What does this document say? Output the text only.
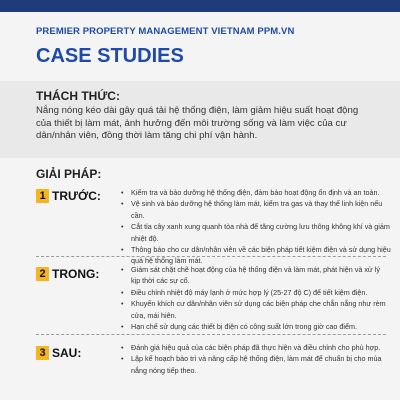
PREMIER PROPERTY MANAGEMENT VIETNAM PPM.VN
CASE STUDIES
THÁCH THỨC:
Nắng nóng kéo dài gây quá tải hệ thống điện, làm giảm hiệu suất hoạt động của thiết bị làm mát, ảnh hưởng đến môi trường sống và làm việc của cư dân/nhân viên, đồng thời làm tăng chi phí vận hành.
GIẢI PHÁP:
1 TRƯỚC:	• Kiểm tra và bảo dưỡng hệ thống điện, đảm bảo hoạt động ổn định và an toàn.
• Vệ sinh và bảo dưỡng hệ thống làm mát, kiểm tra gas và thay thế linh kiện nếu cần.
• Cắt tỉa cây xanh xung quanh tòa nhà để tăng cường lưu thông không khí và giảm nhiệt độ.
• Thông báo cho cư dân/nhân viên về các biện pháp tiết kiệm điện và sử dụng hiệu quả hệ thống làm mát.
2 TRONG:	• Giám sát chặt chẽ hoạt động của hệ thống điện và làm mát, phát hiện và xử lý kịp thời các sự cố.
• Điều chỉnh nhiệt độ máy lạnh ở mức hợp lý (25-27 độ C) để tiết kiệm điện.
• Khuyến khích cư dân/nhân viên sử dụng các biện pháp che chắn nắng như rèm cửa, mái hiên.
• Hạn chế sử dụng các thiết bị điện có công suất lớn trong giờ cao điểm.
3 SAU:	• Đánh giá hiệu quả của các biện pháp đã thực hiện và điều chỉnh cho phù hợp.
• Lập kế hoạch bảo trì và nâng cấp hệ thống điện, làm mát để chuẩn bị cho mùa nắng nóng tiếp theo.
